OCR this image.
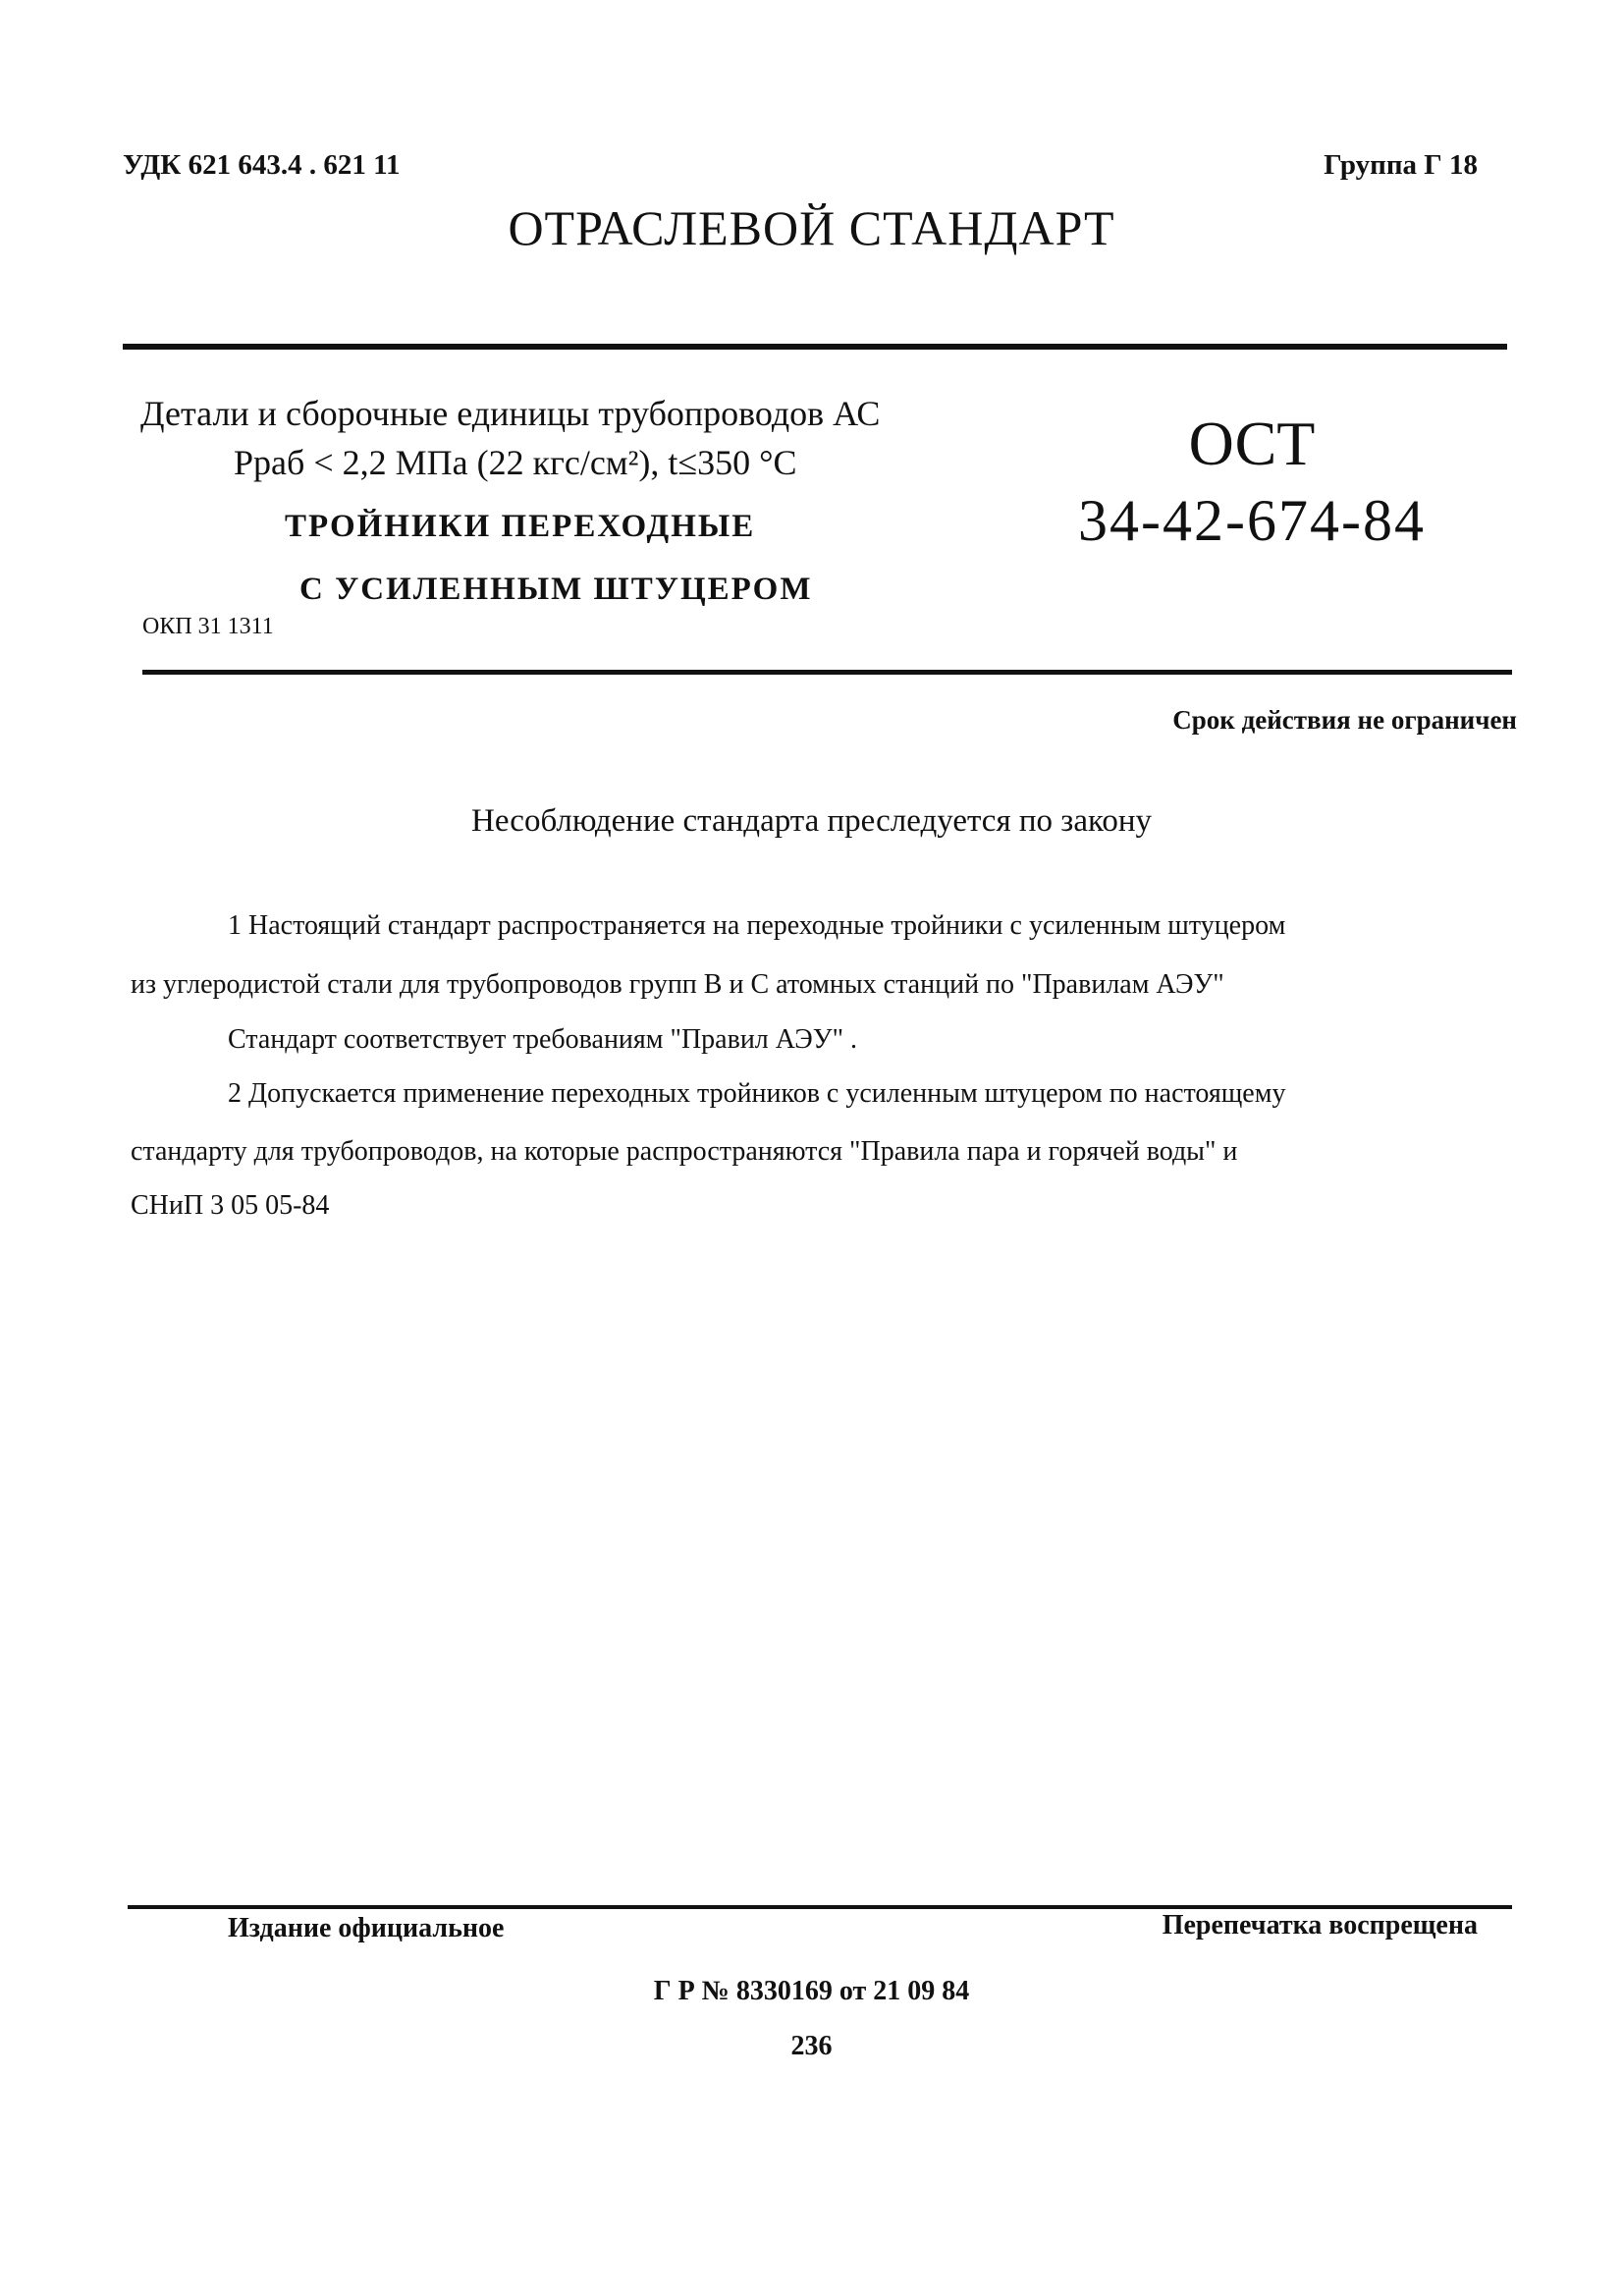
УДК 621 643.4 . 621 11	Группа Г 18
ОТРАСЛЕВОЙ СТАНДАРТ
Детали и сборочные единицы трубопроводов АС
Рраб < 2,2 МПа (22 кгс/см²), t≤350 °С
ТРОЙНИКИ ПЕРЕХОДНЫЕ
С УСИЛЕННЫМ ШТУЦЕРОМ
ОКП 31 1311
ОСТ
34-42-674-84
Срок действия не ограничен
Несоблюдение стандарта преследуется по закону
1 Настоящий стандарт распространяется на переходные тройники с усиленным штуцером
из углеродистой стали для трубопроводов групп В и С атомных станций по "Правилам АЭУ"
Стандарт соответствует требованиям "Правил АЭУ" .
2 Допускается применение переходных тройников с усиленным штуцером по настоящему
стандарту для трубопроводов, на которые распространяются "Правила пара и горячей воды" и
СНиП 3 05 05-84
Издание официальное	Перепечатка воспрещена
Г Р № 8330169 от 21 09 84
236
